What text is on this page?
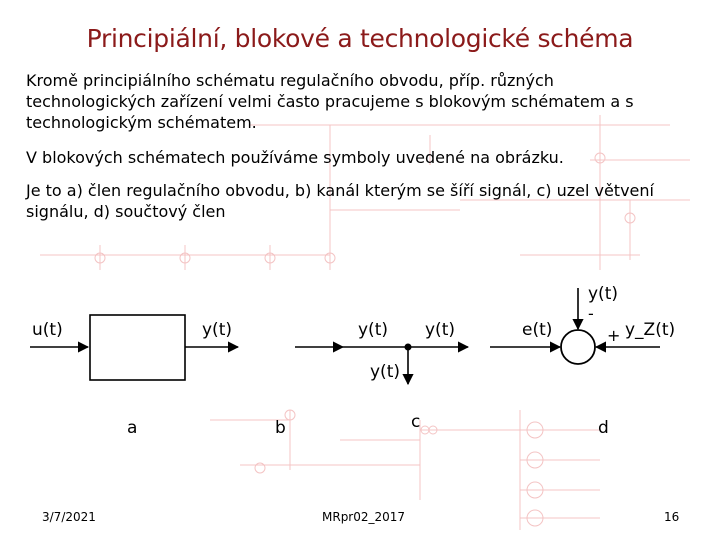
Principiální, blokové a technologické schéma
Kromě principiálního schématu regulačního obvodu, příp. různých technologických zařízení velmi často pracujeme s blokovým schématem a s technologickým schématem.
V blokových schématech používáme symboly uvedené na obrázku.
Je to a) člen regulačního obvodu, b) kanál kterým se šíří signál, c) uzel větvení signálu, d) součtový člen
u(t)	y(t)	y(t) y(t)
y(t)
e(t)
y(t)
-
+ y_Z(t)
a	b	c	d
3/7/2021	MRpr02_2017	16
